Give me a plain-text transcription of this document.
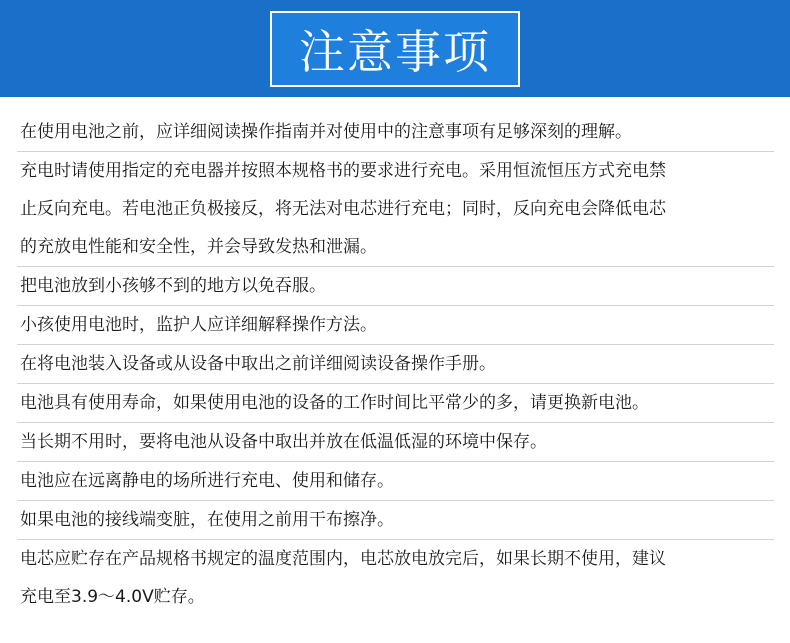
注意事项
在使用电池之前，应详细阅读操作指南并对使用中的注意事项有足够深刻的理解。
充电时请使用指定的充电器并按照本规格书的要求进行充电。采用恒流恒压方式充电禁
止反向充电。若电池正负极接反，将无法对电芯进行充电；同时，反向充电会降低电芯
的充放电性能和安全性，并会导致发热和泄漏。
把电池放到小孩够不到的地方以免吞服。
小孩使用电池时，监护人应详细解释操作方法。
在将电池装入设备或从设备中取出之前详细阅读设备操作手册。
电池具有使用寿命，如果使用电池的设备的工作时间比平常少的多，请更换新电池。
当长期不用时，要将电池从设备中取出并放在低温低湿的环境中保存。
电池应在远离静电的场所进行充电、使用和储存。
如果电池的接线端变脏，在使用之前用干布擦净。
电芯应贮存在产品规格书规定的温度范围内，电芯放电放完后，如果长期不使用，建议
充电至3.9～4.0V贮存。
